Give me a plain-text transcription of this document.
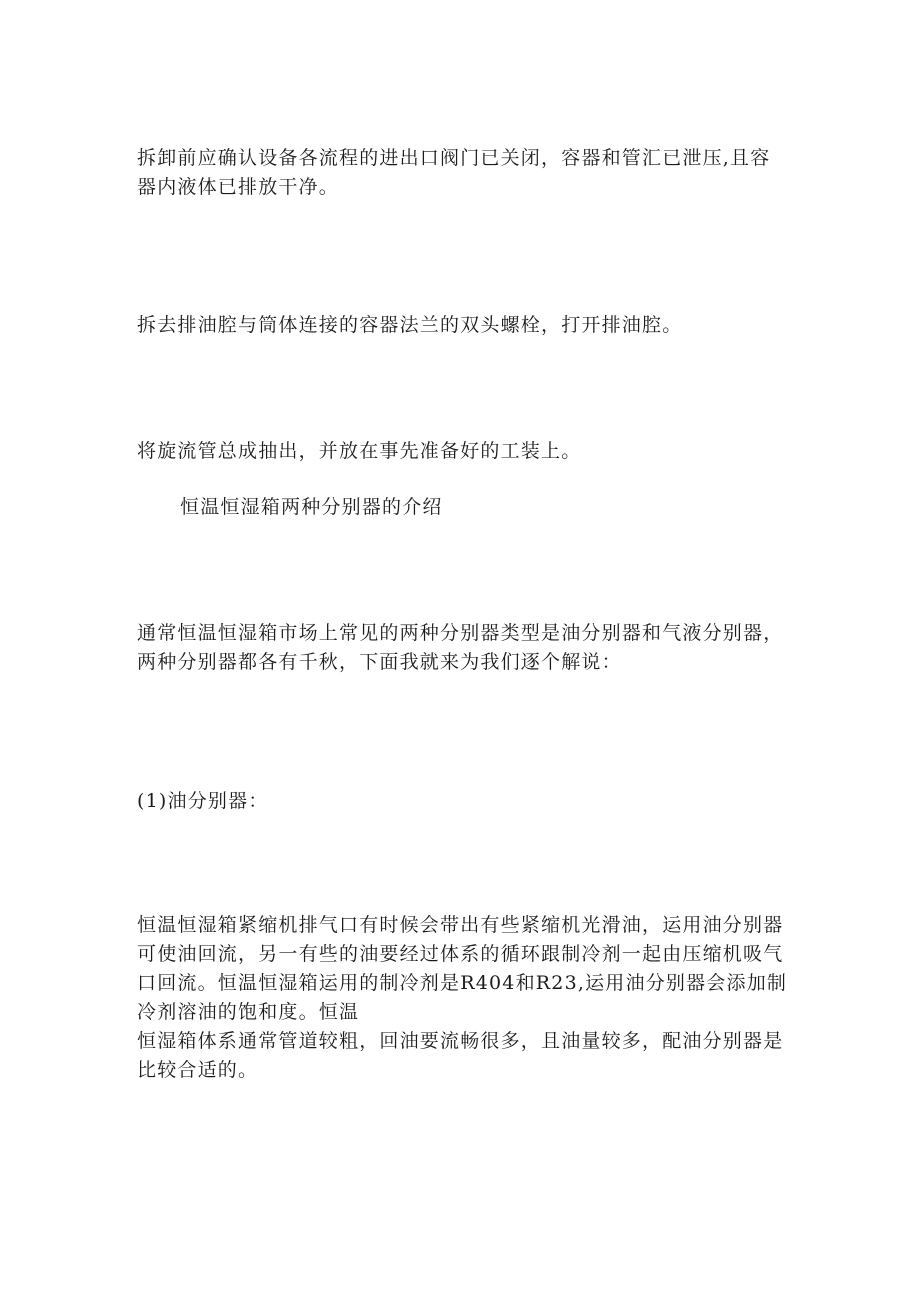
拆卸前应确认设备各流程的进出口阀门已关闭，容器和管汇已泄压,且容
器内液体已排放干净。

拆去排油腔与筒体连接的容器法兰的双头螺栓，打开排油腔。

将旋流管总成抽出，并放在事先准备好的工装上。

恒温恒湿箱两种分别器的介绍

通常恒温恒湿箱市场上常见的两种分别器类型是油分别器和气液分别器，
两种分别器都各有千秋，下面我就来为我们逐个解说：

(1)油分别器：

恒温恒湿箱紧缩机排气口有时候会带出有些紧缩机光滑油，运用油分别器
可使油回流，另一有些的油要经过体系的循环跟制冷剂一起由压缩机吸气
口回流。恒温恒湿箱运用的制冷剂是R404和R23,运用油分别器会添加制
冷剂溶油的饱和度。恒温
恒湿箱体系通常管道较粗，回油要流畅很多，且油量较多，配油分别器是
比较合适的。
